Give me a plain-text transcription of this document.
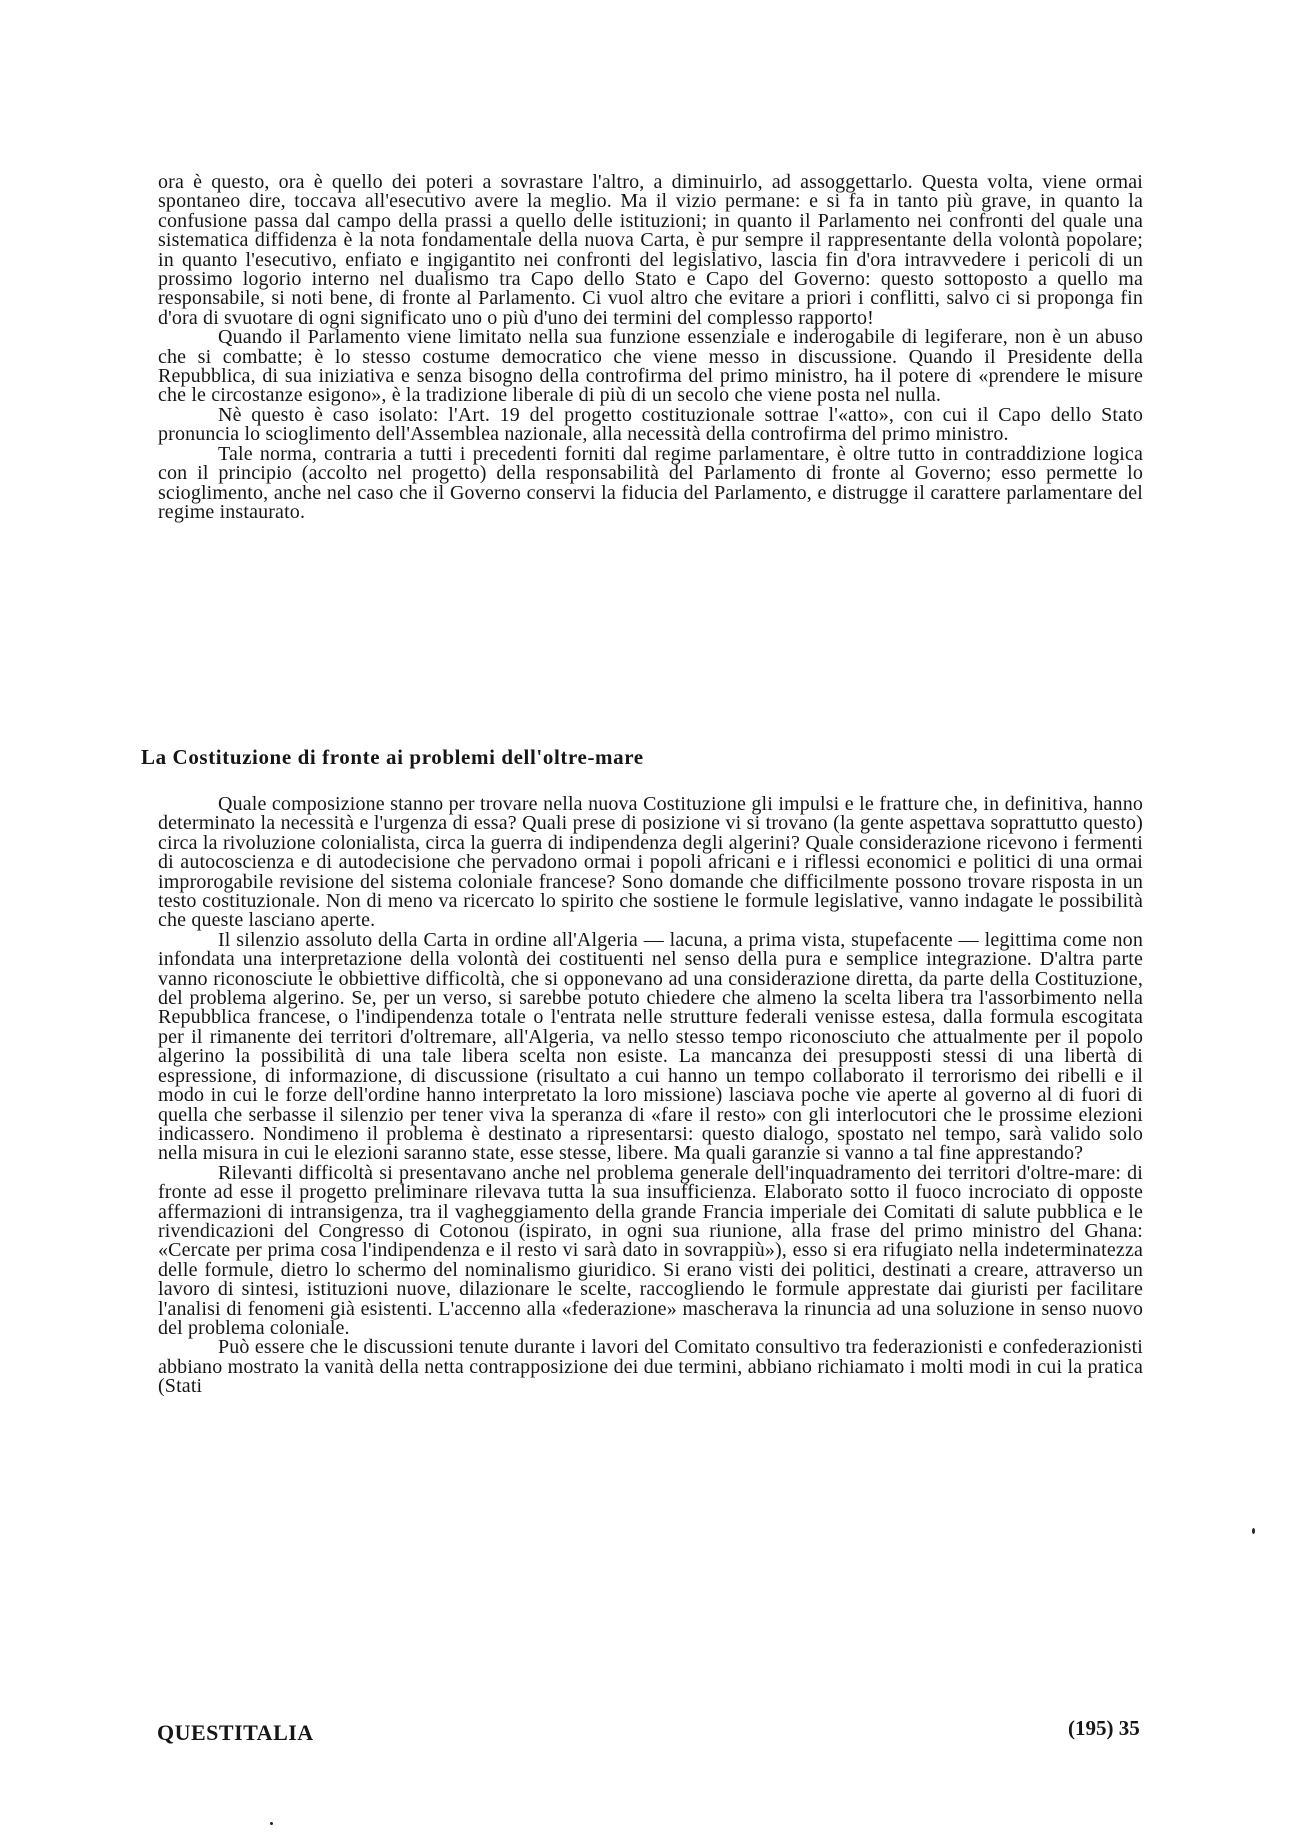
ora è questo, ora è quello dei poteri a sovrastare l'altro, a diminuirlo, ad assoggettarlo. Questa volta, viene ormai spontaneo dire, toccava all'esecutivo avere la meglio. Ma il vizio permane: e si fa in tanto più grave, in quanto la confusione passa dal campo della prassi a quello delle istituzioni; in quanto il Parlamento nei confronti del quale una sistematica diffidenza è la nota fondamentale della nuova Carta, è pur sempre il rappresentante della volontà popolare; in quanto l'esecutivo, enfiato e ingigantito nei confronti del legislativo, lascia fin d'ora intravvedere i pericoli di un prossimo logorio interno nel dualismo tra Capo dello Stato e Capo del Governo: questo sottoposto a quello ma responsabile, si noti bene, di fronte al Parlamento. Ci vuol altro che evitare a priori i conflitti, salvo ci si proponga fin d'ora di svuotare di ogni significato uno o più d'uno dei termini del complesso rapporto!

Quando il Parlamento viene limitato nella sua funzione essenziale e inderogabile di legiferare, non è un abuso che si combatte; è lo stesso costume democratico che viene messo in discussione. Quando il Presidente della Repubblica, di sua iniziativa e senza bisogno della controfirma del primo ministro, ha il potere di «prendere le misure che le circostanze esigono», è la tradizione liberale di più di un secolo che viene posta nel nulla.

Nè questo è caso isolato: l'Art. 19 del progetto costituzionale sottrae l'«atto», con cui il Capo dello Stato pronuncia lo scioglimento dell'Assemblea nazionale, alla necessità della controfirma del primo ministro.

Tale norma, contraria a tutti i precedenti forniti dal regime parlamentare, è oltre tutto in contraddizione logica con il principio (accolto nel progetto) della responsabilità del Parlamento di fronte al Governo; esso permette lo scioglimento, anche nel caso che il Governo conservi la fiducia del Parlamento, e distrugge il carattere parlamentare del regime instaurato.

La Costituzione di fronte ai problemi dell'oltre-mare

Quale composizione stanno per trovare nella nuova Costituzione gli impulsi e le fratture che, in definitiva, hanno determinato la necessità e l'urgenza di essa? Quali prese di posizione vi si trovano (la gente aspettava soprattutto questo) circa la rivoluzione colonialista, circa la guerra di indipendenza degli algerini? Quale considerazione ricevono i fermenti di autocoscienza e di autodecisione che pervadono ormai i popoli africani e i riflessi economici e politici di una ormai improrogabile revisione del sistema coloniale francese? Sono domande che difficilmente possono trovare risposta in un testo costituzionale. Non di meno va ricercato lo spirito che sostiene le formule legislative, vanno indagate le possibilità che queste lasciano aperte.

Il silenzio assoluto della Carta in ordine all'Algeria — lacuna, a prima vista, stupefacente — legittima come non infondata una interpretazione della volontà dei costituenti nel senso della pura e semplice integrazione. D'altra parte vanno riconosciute le obbiettive difficoltà, che si opponevano ad una considerazione diretta, da parte della Costituzione, del problema algerino. Se, per un verso, si sarebbe potuto chiedere che almeno la scelta libera tra l'assorbimento nella Repubblica francese, o l'indipendenza totale o l'entrata nelle strutture federali venisse estesa, dalla formula escogitata per il rimanente dei territori d'oltremare, all'Algeria, va nello stesso tempo riconosciuto che attualmente per il popolo algerino la possibilità di una tale libera scelta non esiste. La mancanza dei presupposti stessi di una libertà di espressione, di informazione, di discussione (risultato a cui hanno un tempo collaborato il terrorismo dei ribelli e il modo in cui le forze dell'ordine hanno interpretato la loro missione) lasciava poche vie aperte al governo al di fuori di quella che serbasse il silenzio per tener viva la speranza di «fare il resto» con gli interlocutori che le prossime elezioni indicassero. Nondimeno il problema è destinato a ripresentarsi: questo dialogo, spostato nel tempo, sarà valido solo nella misura in cui le elezioni saranno state, esse stesse, libere. Ma quali garanzie si vanno a tal fine apprestando?

Rilevanti difficoltà si presentavano anche nel problema generale dell'inquadramento dei territori d'oltre-mare: di fronte ad esse il progetto preliminare rilevava tutta la sua insufficienza. Elaborato sotto il fuoco incrociato di opposte affermazioni di intransigenza, tra il vagheggiamento della grande Francia imperiale dei Comitati di salute pubblica e le rivendicazioni del Congresso di Cotonou (ispirato, in ogni sua riunione, alla frase del primo ministro del Ghana: «Cercate per prima cosa l'indipendenza e il resto vi sarà dato in sovrappiù»), esso si era rifugiato nella indeterminatezza delle formule, dietro lo schermo del nominalismo giuridico. Si erano visti dei politici, destinati a creare, attraverso un lavoro di sintesi, istituzioni nuove, dilazionare le scelte, raccogliendo le formule apprestate dai giuristi per facilitare l'analisi di fenomeni già esistenti. L'accenno alla «federazione» mascherava la rinuncia ad una soluzione in senso nuovo del problema coloniale.

Può essere che le discussioni tenute durante i lavori del Comitato consultivo tra federazionisti e confederazionisti abbiano mostrato la vanità della netta contrapposizione dei due termini, abbiano richiamato i molti modi in cui la pratica (Stati

QUESTITALIA	(195) 35
